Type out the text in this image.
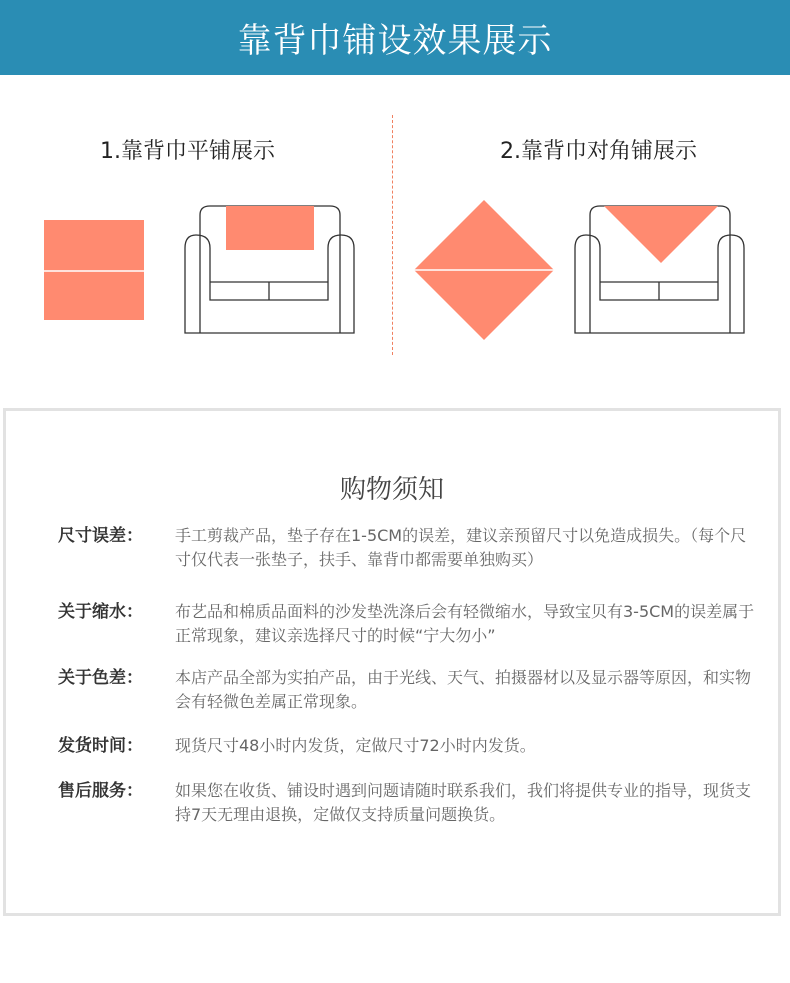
靠背巾铺设效果展示
1.靠背巾平铺展示	2.靠背巾对角铺展示
购物须知
尺寸误差：	手工剪裁产品，垫子存在1-5CM的误差，建议亲预留尺寸以免造成损失。（每个尺寸仅代表一张垫子，扶手、靠背巾都需要单独购买）
关于缩水：	布艺品和棉质品面料的沙发垫洗涤后会有轻微缩水，导致宝贝有3-5CM的误差属于正常现象，建议亲选择尺寸的时候“宁大勿小”
关于色差：	本店产品全部为实拍产品，由于光线、天气、拍摄器材以及显示器等原因，和实物会有轻微色差属正常现象。
发货时间：	现货尺寸48小时内发货，定做尺寸72小时内发货。
售后服务：	如果您在收货、铺设时遇到问题请随时联系我们，我们将提供专业的指导，现货支持7天无理由退换，定做仅支持质量问题换货。
